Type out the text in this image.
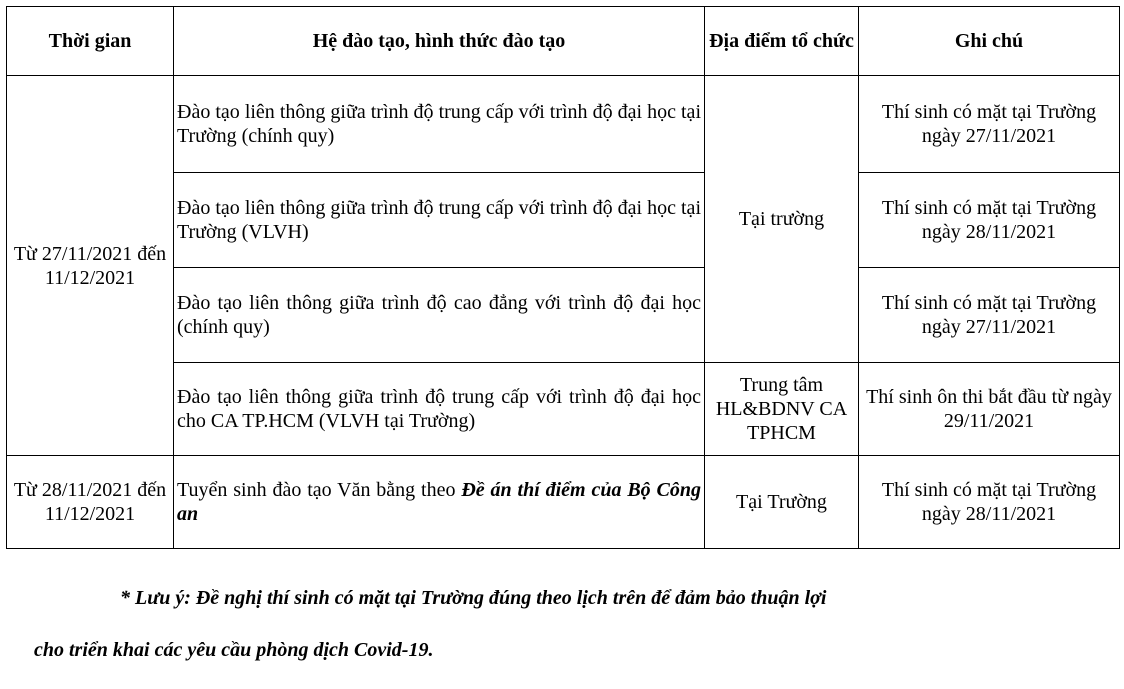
Thời gian	Hệ đào tạo, hình thức đào tạo	Địa điểm tổ chức	Ghi chú
Từ 27/11/2021 đến 11/12/2021	Đào tạo liên thông giữa trình độ trung cấp với trình độ đại học tại Trường (chính quy)	Tại trường	Thí sinh có mặt tại Trường ngày 27/11/2021
	Đào tạo liên thông giữa trình độ trung cấp với trình độ đại học tại Trường (VLVH)		Thí sinh có mặt tại Trường ngày 28/11/2021
	Đào tạo liên thông giữa trình độ cao đẳng với trình độ đại học (chính quy)		Thí sinh có mặt tại Trường ngày 27/11/2021
	Đào tạo liên thông giữa trình độ trung cấp với trình độ đại học cho CA TP.HCM (VLVH tại Trường)	Trung tâm HL&BDNV CA TPHCM	Thí sinh ôn thi bắt đầu từ ngày 29/11/2021
Từ 28/11/2021 đến 11/12/2021	Tuyển sinh đào tạo Văn bằng theo Đề án thí điểm của Bộ Công an	Tại Trường	Thí sinh có mặt tại Trường ngày 28/11/2021

* Lưu ý: Đề nghị thí sinh có mặt tại Trường đúng theo lịch trên để đảm bảo thuận lợi

cho triển khai các yêu cầu phòng dịch Covid-19.
